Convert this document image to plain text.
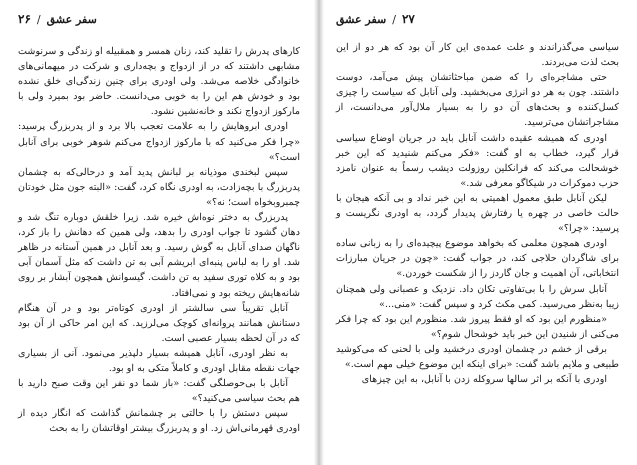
۲۶ / سفر عشق

کارهای پدرش را تقلید کند، زنان همسر و همقبیله او زندگی و سرنوشت مشابهی داشتند که در از ازدواج و بچه‌داری و شرکت در میهمانی‌های خانوادگی خلاصه می‌شد. ولی اودری برای چنین زندگی‌ای خلق نشده بود و خودش هم این را به خوبی می‌دانست. حاضر بود بمیرد ولی با مارکوز ازدواج نکند و خانه‌نشین نشود.

اودری ابروهایش را به علامت تعجب بالا برد و از پدربزرگ پرسید: «چرا فکر می‌کنید که با مارکوز ازدواج می‌کنم شوهر خوبی برای آنابل است؟»

سپس لبخندی موذیانه بر لبانش پدید آمد و درحالی‌که به چشمان پدربزرگ با بچه‌زادت، به اودری نگاه کرد، گفت: «البته جون مثل خودتان چمبروبخواه است؛ نه؟»

پدربزرگ به دختر نوه‌اش خیره شد. زیرا خلقش دوباره تنگ شد و دهان گشود تا جواب اودری را بدهد، ولی همین که دهانش را باز کرد، ناگهان صدای آنابل به گوش رسید. و بعد آنابل در همین آستانه در ظاهر شد. او را به لباس پنبه‌ای ابریشم آبی به تن داشت که مثل آسمان آبی بود و به کلاه توری سفید به تن داشت. گیسوانش همچون آبشار بر روی شانه‌هایش ریخته بود و نمی‌افتاد.

آنابل تقریباً سی سالشتر از اودری کوتاه‌تر بود و در آن هنگام دستانش همانند پروانه‌ای کوچک می‌لرزید. که این امر حاکی از آن بود که در آن لحظه بسیار عصبی است.

به نظر اودری، آنابل همیشه بسیار دلپذیر می‌نمود. آنی از بسیاری جهات نقطه مقابل اودری و کاملاً متکی به او بود.

آنابل با بی‌حوصلگی گفت: «باز شما دو نفر این وقت صبح دارید با هم بحث سیاسی می‌کنید؟»

سپس دستش را با حالتی بر چشمانش گذاشت که انگار دیده از اودری قهرمانی‌اش زد. او و پدربزرگ بیشتر اوقاتشان را به بحث

سفر عشق / ۲۷

سیاسی می‌گذراندند و علت عمده‌ی این کار آن بود که هر دو از این بحث لذت می‌بردند.

حتی مشاجره‌ای را که ضمن مباحثاتشان پیش می‌آمد، دوست داشتند. چون به هر دو انرژی می‌بخشید. ولی آنابل که سیاست را چیزی کسل‌کننده و بحث‌های آن دو را به بسیار ملال‌آور می‌دانست، از مشاجراتشان می‌ترسید.

اودری که همیشه عقیده داشت آنابل باید در جریان اوضاع سیاسی قرار گیرد، خطاب به او گفت: «فکر می‌کنم شنیدید که این خبر خوشحالت می‌کند که فرانکلین روزولت دیشب رسماً به عنوان نامزد حزب دموکرات در شیکاگو معرفی شد.»

لیکن آنابل طبق معمول اهمیتی به این خبر نداد و بی آنکه هیجان با حالت خاصی در چهره یا رفتارش پدیدار گردد، به اودری نگریست و پرسید: «چرا؟»

اودری همچون معلمی که بخواهد موضوع پیچیده‌ای را به زبانی ساده برای شاگردان حلاجی کند، در جواب گفت: «چون در جریان مبارزات انتخاباتی، آن اهمیت و جان گاردز را از شکست خوردن.»

آنابل سرش را با بی‌تفاوتی تکان داد. نزدیک و عصبانی ولی همچنان زیبا به‌نظر می‌رسید. کمی مکث کرد و سپس گفت: «منی...»

«منظورم این بود که او فقط پیروز شد. منظورم این بود که چرا فکر می‌کنی از شنیدن این خبر باید خوشحال شوم؟»

برقی از خشم در چشمان اودری درخشید ولی با لحنی که می‌کوشید طبیعی و ملایم باشد گفت: «برای اینکه این موضوع خیلی مهم است.»

اودری با آنکه بر اثر سالها سروکله زدن با آنابل، به این چیزهای
